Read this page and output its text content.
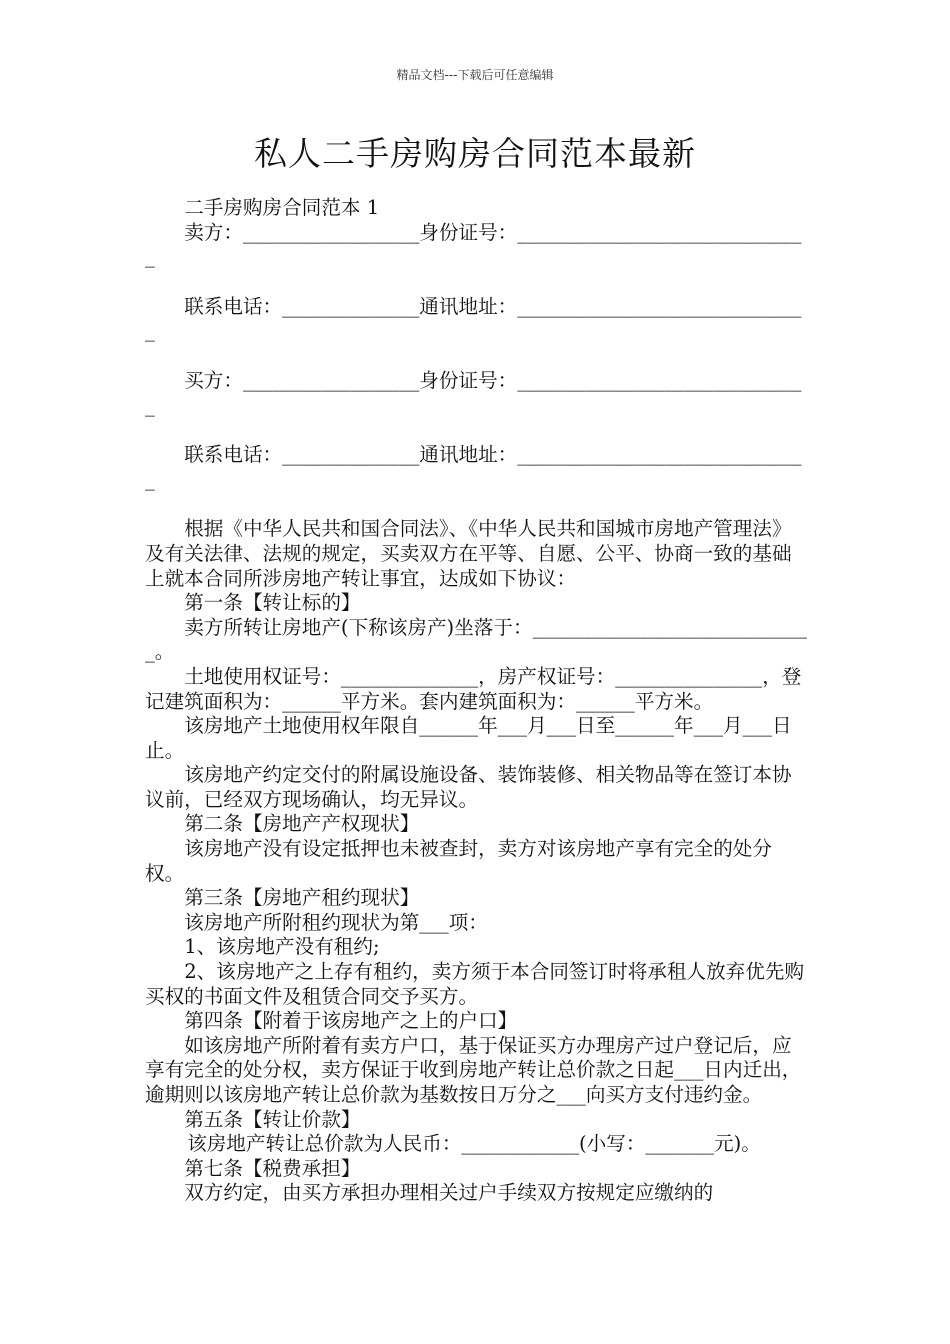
精品文档---下载后可任意编辑
私人二手房购房合同范本最新

二手房购房合同范本 1

卖方：__________________身份证号：______________________________

联系电话：______________通讯地址：______________________________

买方：__________________身份证号：______________________________

联系电话：______________通讯地址：______________________________

根据《中华人民共和国合同法》、《中华人民共和国城市房地产管理法》及有关法律、法规的规定，买卖双方在平等、自愿、公平、协商一致的基础上就本合同所涉房地产转让事宜，达成如下协议：

第一条【转让标的】

卖方所转让房地产(下称该房产)坐落于：_____________________________。

土地使用权证号：______________，房产权证号：_______________，登记建筑面积为：______平方米。套内建筑面积为：______平方米。

该房地产土地使用权年限自______年___月___日至______年___月___日止。

该房地产约定交付的附属设施设备、装饰装修、相关物品等在签订本协议前，已经双方现场确认，均无异议。

第二条【房地产产权现状】

该房地产没有设定抵押也未被查封，卖方对该房地产享有完全的处分权。

第三条【房地产租约现状】

该房地产所附租约现状为第___项：

1、该房地产没有租约;

2、该房地产之上存有租约，卖方须于本合同签订时将承租人放弃优先购买权的书面文件及租赁合同交予买方。

第四条【附着于该房地产之上的户口】

如该房地产所附着有卖方户口，基于保证买方办理房产过户登记后，应享有完全的处分权，卖方保证于收到房地产转让总价款之日起___日内迁出，逾期则以该房地产转让总价款为基数按日万分之___向买方支付违约金。

第五条【转让价款】

该房地产转让总价款为人民币：____________(小写：_______元)。

第七条【税费承担】

双方约定，由买方承担办理相关过户手续双方按规定应缴纳的
